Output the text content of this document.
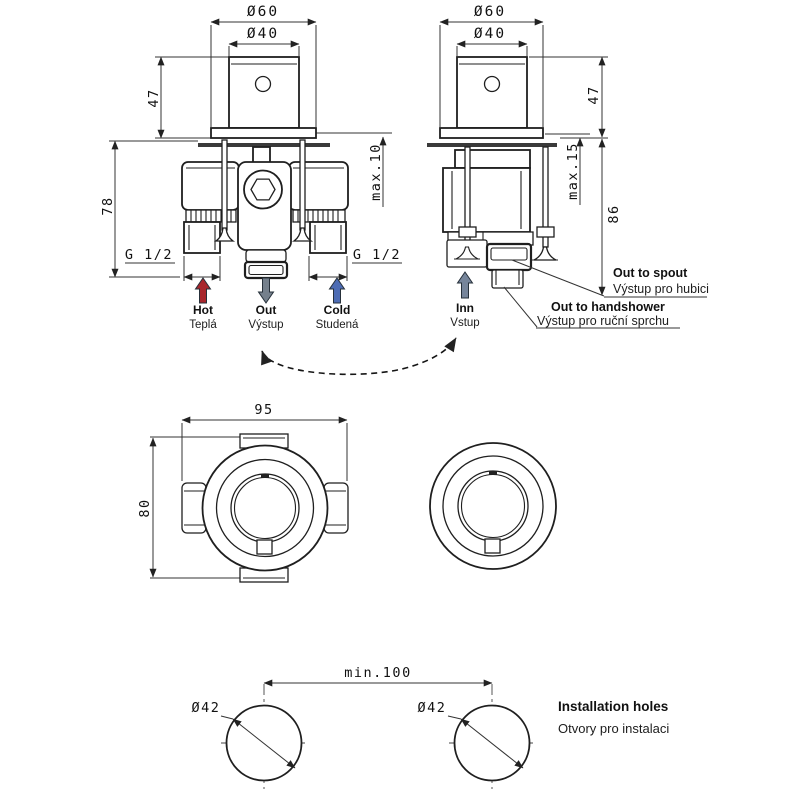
Ø60
Ø40
47
78
max.10
G 1/2	G 1/2
Hot
Teplá
Out
Výstup
Cold
Studená
Ø60
Ø40
47
max.15
86
Out to spout
Výstup pro hubici
Out to handshower
Výstup pro ruční sprchu
Inn
Vstup
95
80
min.100
Ø42	Ø42	Installation holes
Otvory pro instalaci
